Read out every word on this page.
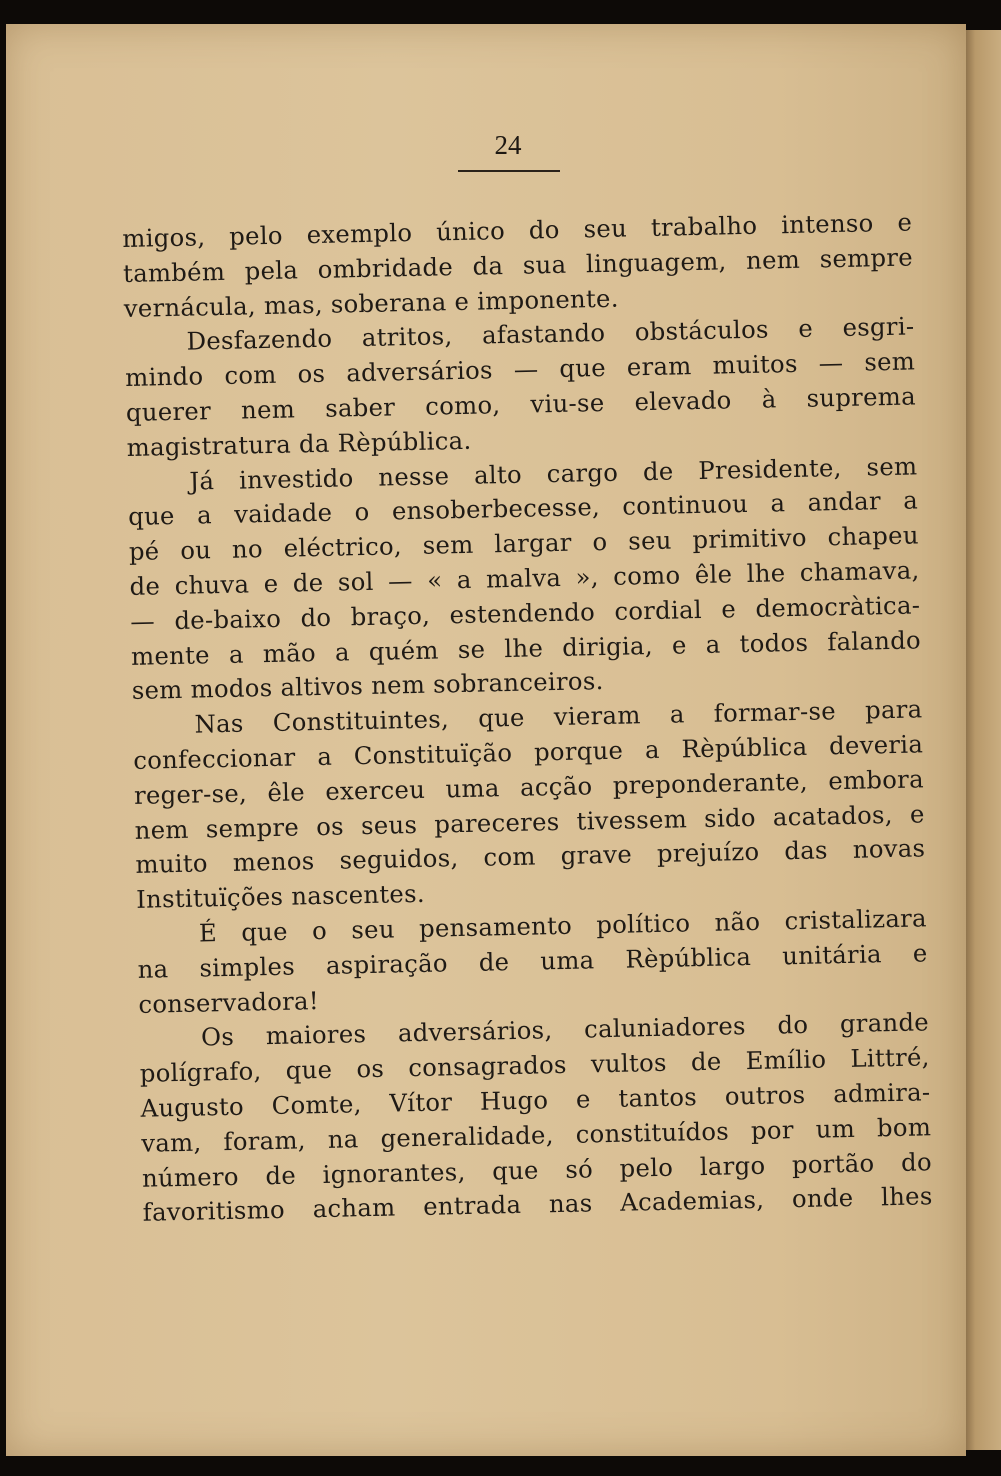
24
migos, pelo exemplo único do seu trabalho intenso e
também pela ombridade da sua linguagem, nem sempre
vernácula, mas, soberana e imponente.
Desfazendo atritos, afastando obstáculos e esgri-
mindo com os adversários — que eram muitos — sem
querer nem saber como, viu-se elevado à suprema
magistratura da Rèpública.
Já investido nesse alto cargo de Presidente, sem
que a vaidade o ensoberbecesse, continuou a andar a
pé ou no eléctrico, sem largar o seu primitivo chapeu
de chuva e de sol — « a malva », como êle lhe chamava,
— de-baixo do braço, estendendo cordial e democràtica-
mente a mão a quém se lhe dirigia, e a todos falando
sem modos altivos nem sobranceiros.
Nas Constituintes, que vieram a formar-se para
confeccionar a Constituïção porque a Rèpública deveria
reger-se, êle exerceu uma acção preponderante, embora
nem sempre os seus pareceres tivessem sido acatados, e
muito menos seguidos, com grave prejuízo das novas
Instituïções nascentes.
É que o seu pensamento político não cristalizara
na simples aspiração de uma Rèpública unitária e
conservadora!
Os maiores adversários, caluniadores do grande
polígrafo, que os consagrados vultos de Emílio Littré,
Augusto Comte, Vítor Hugo e tantos outros admira-
vam, foram, na generalidade, constituídos por um bom
número de ignorantes, que só pelo largo portão do
favoritismo acham entrada nas Academias, onde lhes
